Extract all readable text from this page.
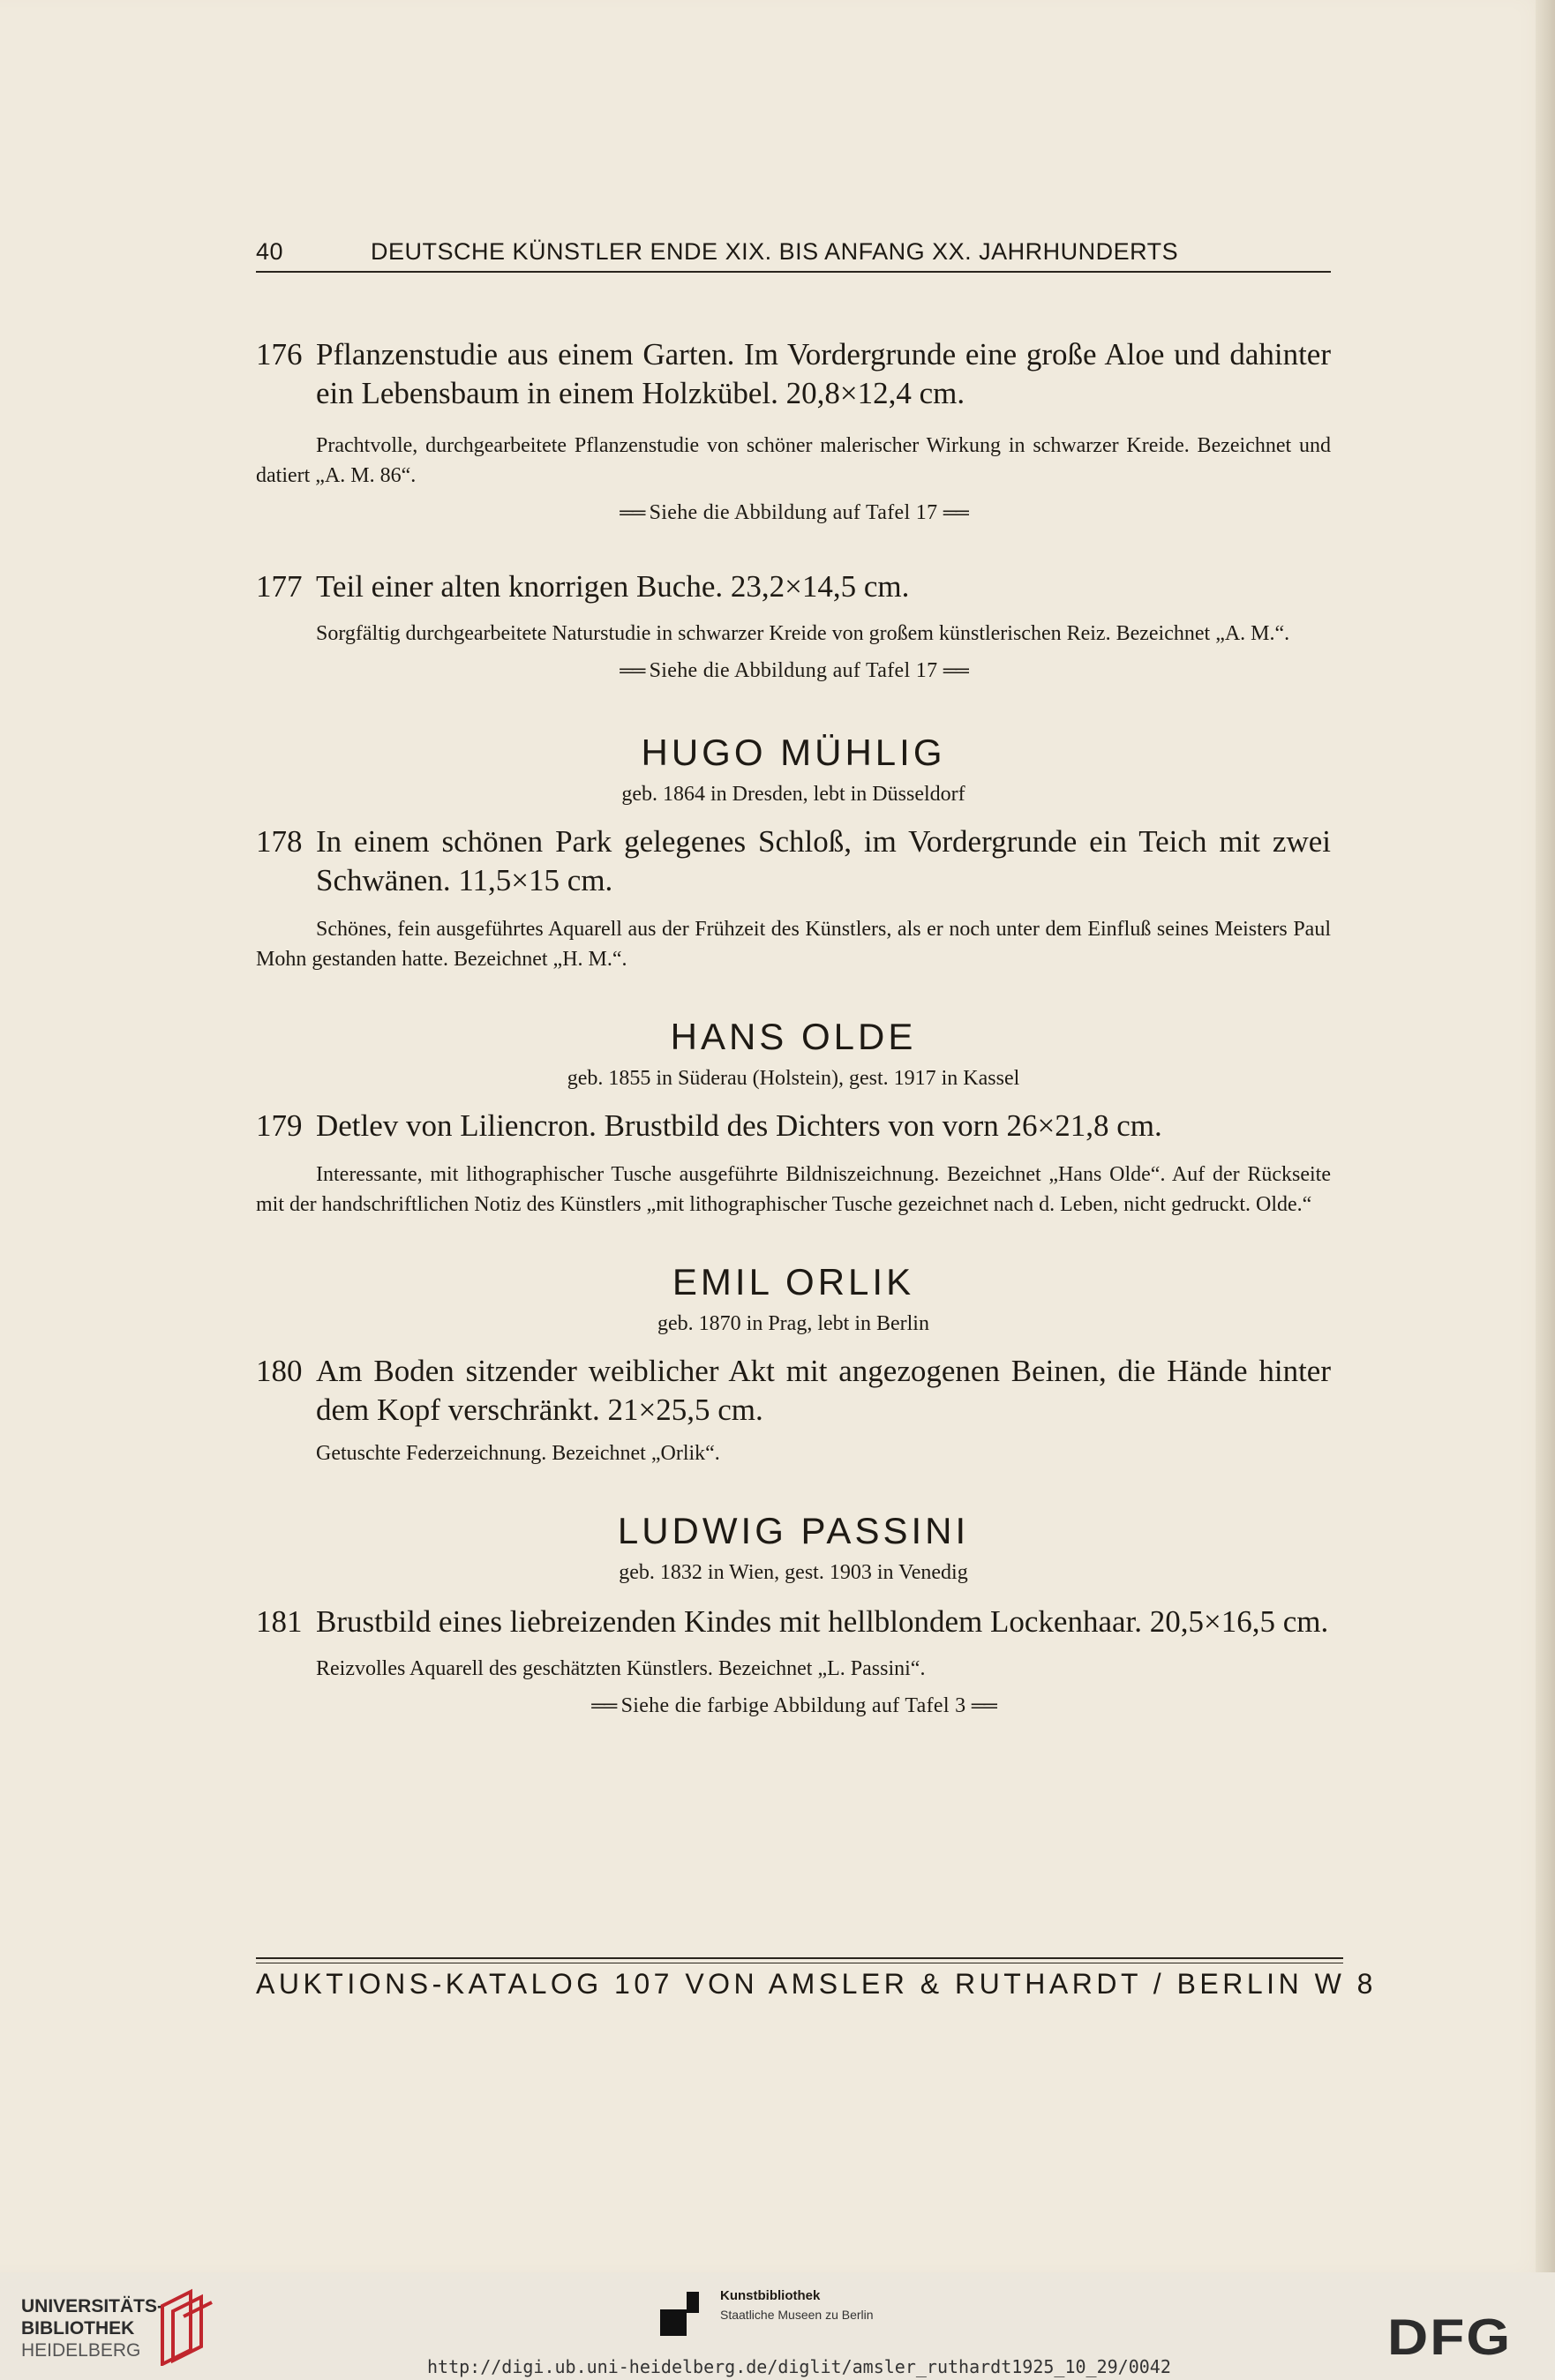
40	DEUTSCHE KÜNSTLER ENDE XIX. BIS ANFANG XX. JAHRHUNDERTS

176 Pflanzenstudie aus einem Garten. Im Vordergrunde eine große Aloe und dahinter ein Lebensbaum in einem Holzkübel. 20,8×12,4 cm.

Prachtvolle, durchgearbeitete Pflanzenstudie von schöner malerischer Wirkung in schwarzer Kreide. Bezeichnet und datiert „A. M. 86“.

══ Siehe die Abbildung auf Tafel 17 ══

177 Teil einer alten knorrigen Buche. 23,2×14,5 cm.

Sorgfältig durchgearbeitete Naturstudie in schwarzer Kreide von großem künstlerischen Reiz. Bezeichnet „A. M.“.

══ Siehe die Abbildung auf Tafel 17 ══

HUGO MÜHLIG

geb. 1864 in Dresden, lebt in Düsseldorf

178 In einem schönen Park gelegenes Schloß, im Vordergrunde ein Teich mit zwei Schwänen. 11,5×15 cm.

Schönes, fein ausgeführtes Aquarell aus der Frühzeit des Künstlers, als er noch unter dem Einfluß seines Meisters Paul Mohn gestanden hatte. Bezeichnet „H. M.“.

HANS OLDE

geb. 1855 in Süderau (Holstein), gest. 1917 in Kassel

179 Detlev von Liliencron. Brustbild des Dichters von vorn 26×21,8 cm.

Interessante, mit lithographischer Tusche ausgeführte Bildniszeichnung. Bezeichnet „Hans Olde“. Auf der Rückseite mit der handschriftlichen Notiz des Künstlers „mit lithographischer Tusche gezeichnet nach d. Leben, nicht gedruckt. Olde.“

EMIL ORLIK

geb. 1870 in Prag, lebt in Berlin

180 Am Boden sitzender weiblicher Akt mit angezogenen Beinen, die Hände hinter dem Kopf verschränkt. 21×25,5 cm.

Getuschte Federzeichnung. Bezeichnet „Orlik“.

LUDWIG PASSINI

geb. 1832 in Wien, gest. 1903 in Venedig

181 Brustbild eines liebreizenden Kindes mit hellblondem Lockenhaar. 20,5×16,5 cm.

Reizvolles Aquarell des geschätzten Künstlers. Bezeichnet „L. Passini“.

══ Siehe die farbige Abbildung auf Tafel 3 ══

AUKTIONS-KATALOG 107 VON AMSLER & RUTHARDT / BERLIN W 8
UNIVERSITÄTS-
BIBLIOTHEK
HEIDELBERG
Kunstbibliothek
Staatliche Museen zu Berlin	DFG
http://digi.ub.uni-heidelberg.de/diglit/amsler_ruthardt1925_10_29/0042
